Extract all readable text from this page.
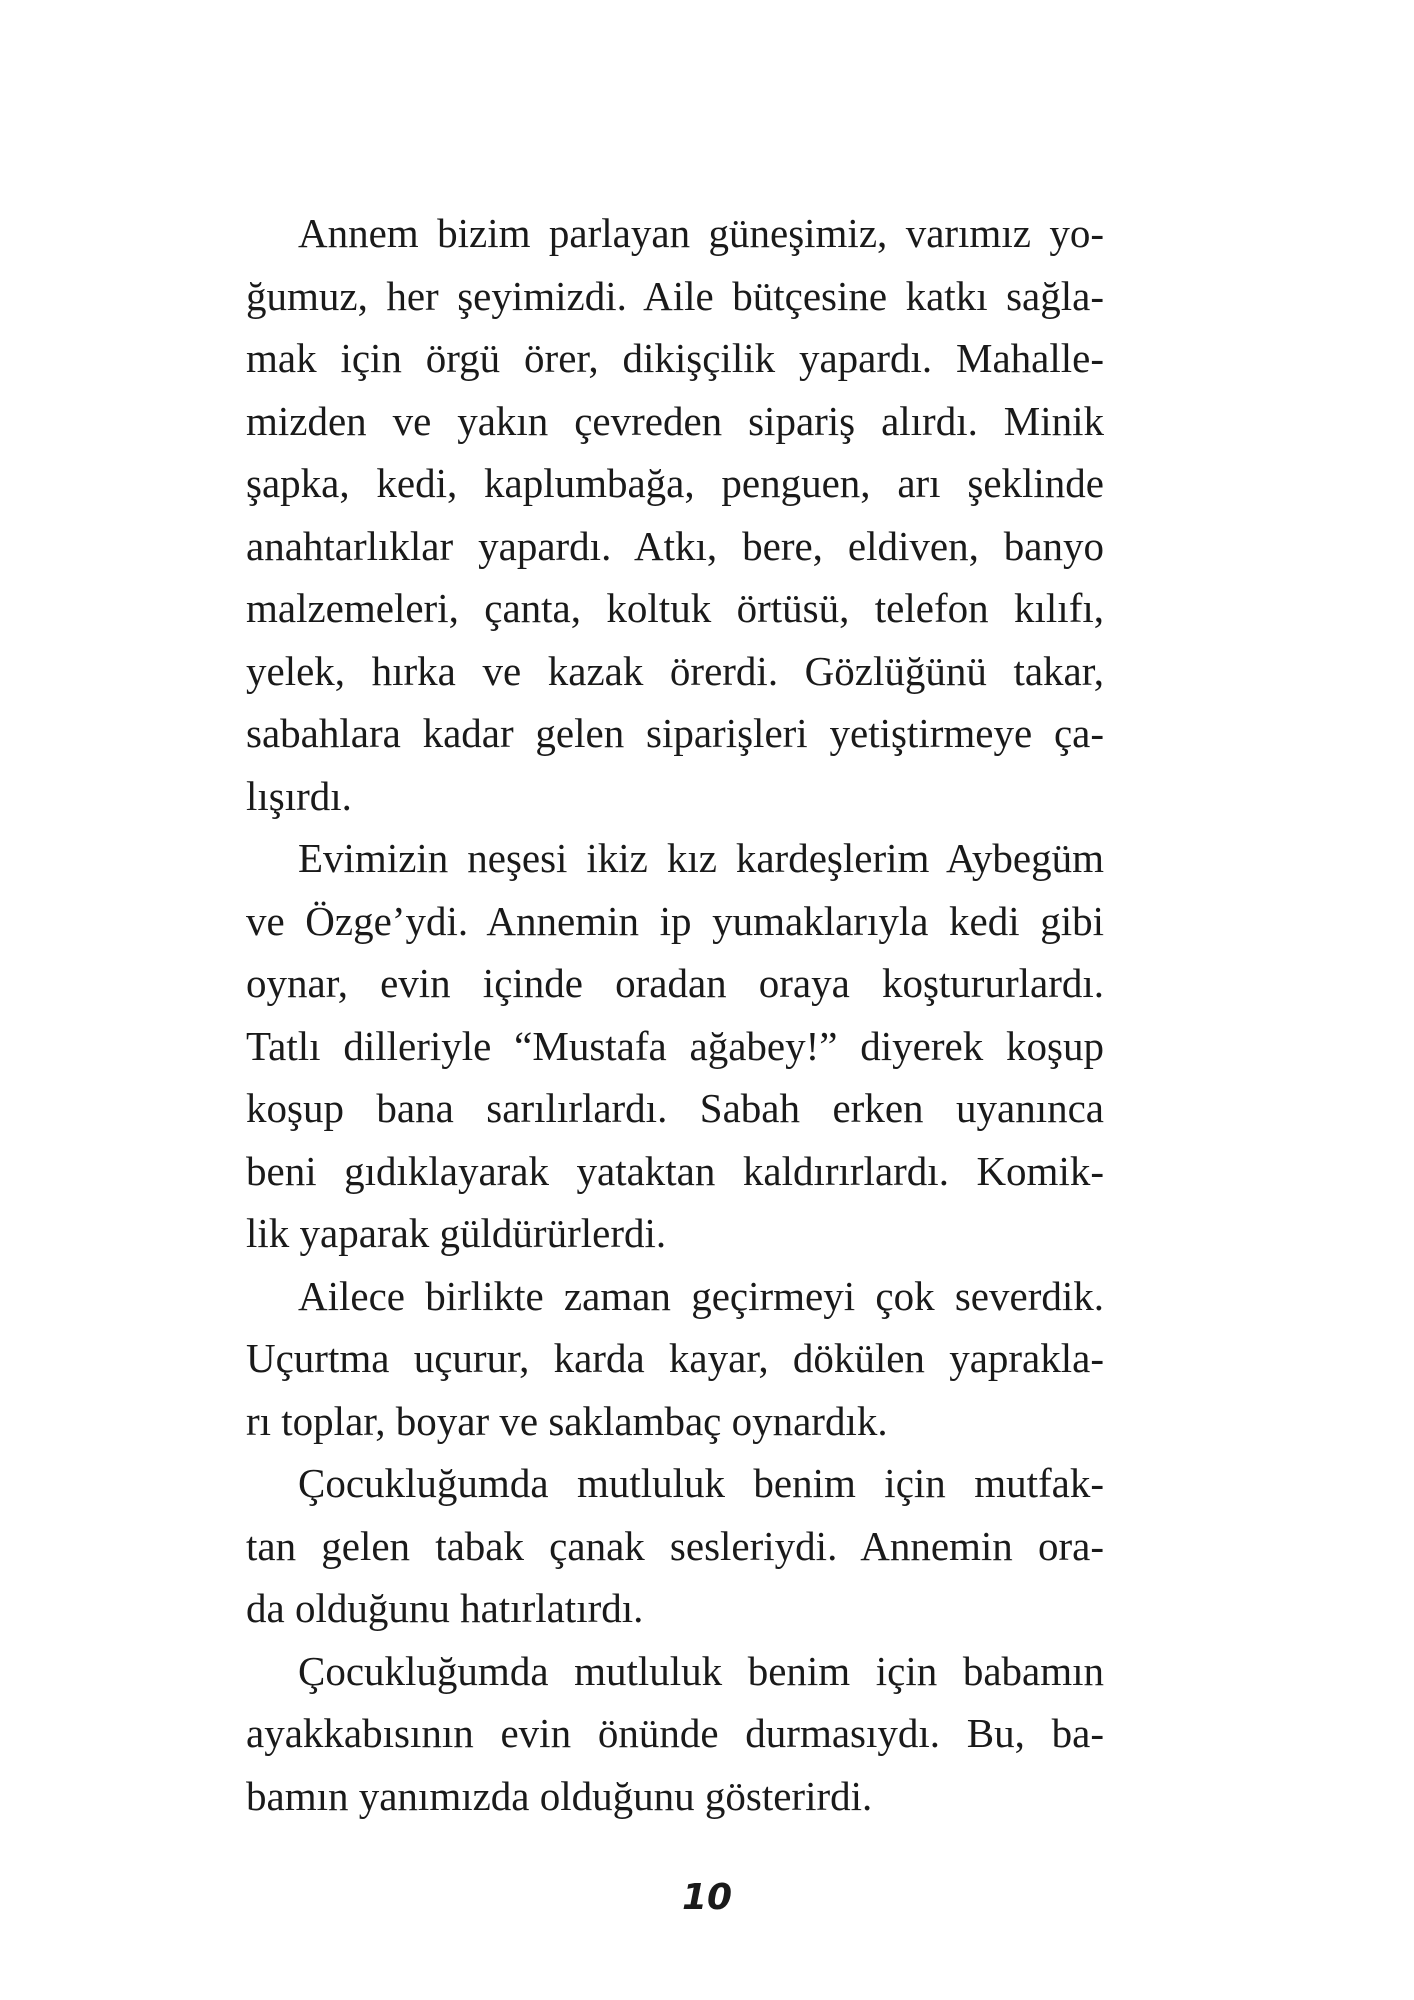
Annem bizim parlayan güneşimiz, varımız yo-
ğumuz, her şeyimizdi. Aile bütçesine katkı sağla-
mak için örgü örer, dikişçilik yapardı. Mahalle-
mizden ve yakın çevreden sipariş alırdı. Minik
şapka, kedi, kaplumbağa, penguen, arı şeklinde
anahtarlıklar yapardı. Atkı, bere, eldiven, banyo
malzemeleri, çanta, koltuk örtüsü, telefon kılıfı,
yelek, hırka ve kazak örerdi. Gözlüğünü takar,
sabahlara kadar gelen siparişleri yetiştirmeye ça-
lışırdı.
Evimizin neşesi ikiz kız kardeşlerim Aybegüm
ve Özge’ydi. Annemin ip yumaklarıyla kedi gibi
oynar, evin içinde oradan oraya koştururlardı.
Tatlı dilleriyle “Mustafa ağabey!” diyerek koşup
koşup bana sarılırlardı. Sabah erken uyanınca
beni gıdıklayarak yataktan kaldırırlardı. Komik-
lik yaparak güldürürlerdi.
Ailece birlikte zaman geçirmeyi çok severdik.
Uçurtma uçurur, karda kayar, dökülen yaprakla-
rı toplar, boyar ve saklambaç oynardık.
Çocukluğumda mutluluk benim için mutfak-
tan gelen tabak çanak sesleriydi. Annemin ora-
da olduğunu hatırlatırdı.
Çocukluğumda mutluluk benim için babamın
ayakkabısının evin önünde durmasıydı. Bu, ba-
bamın yanımızda olduğunu gösterirdi.
10
